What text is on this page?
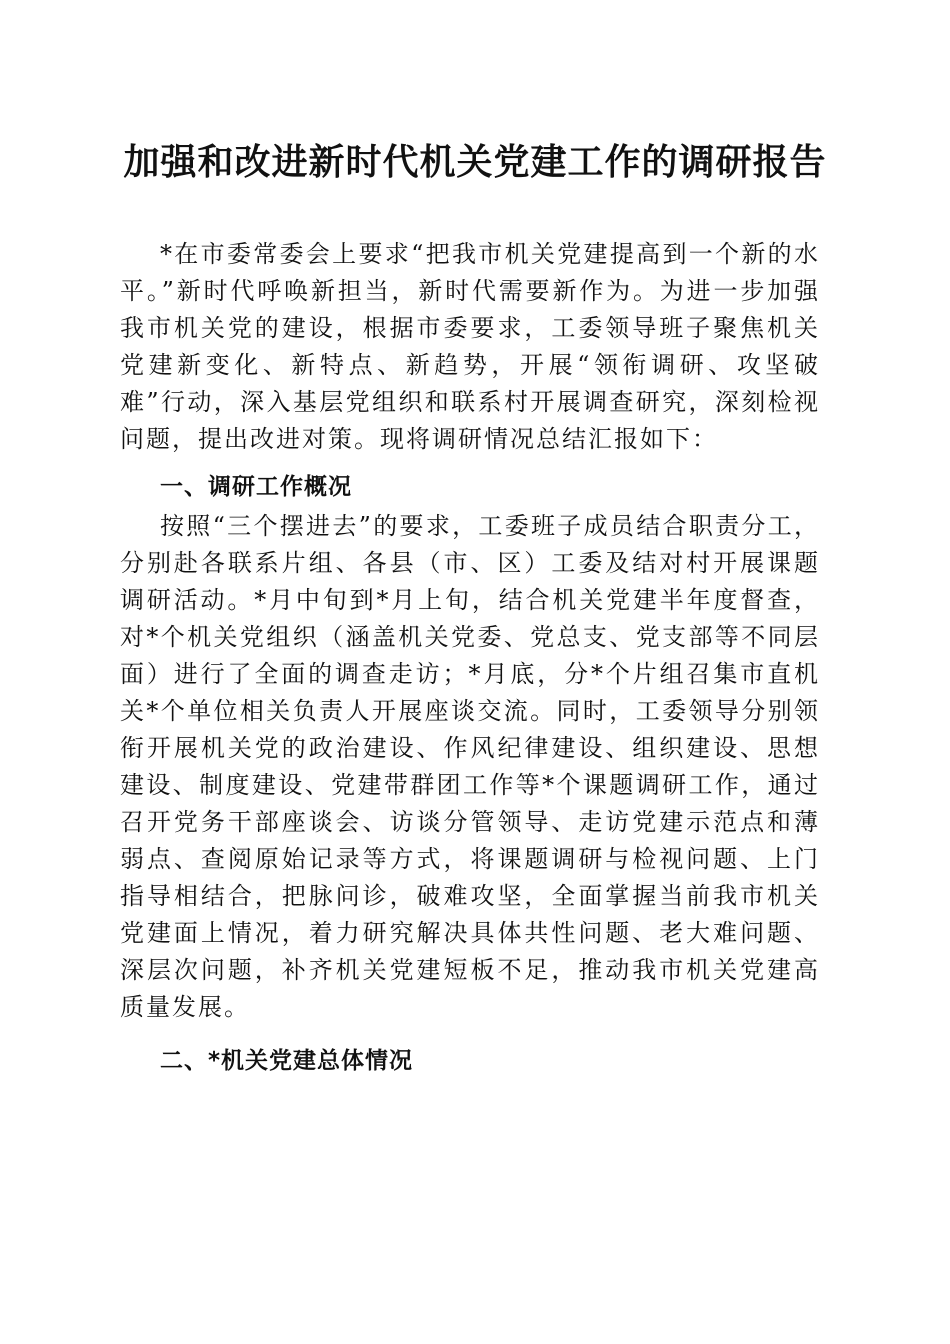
加强和改进新时代机关党建工作的调研报告

*在市委常委会上要求“把我市机关党建提高到一个新的水平。”新时代呼唤新担当，新时代需要新作为。为进一步加强我市机关党的建设，根据市委要求，工委领导班子聚焦机关党建新变化、新特点、新趋势，开展“领衔调研、攻坚破难”行动，深入基层党组织和联系村开展调查研究，深刻检视问题，提出改进对策。现将调研情况总结汇报如下：

一、调研工作概况

按照“三个摆进去”的要求，工委班子成员结合职责分工，分别赴各联系片组、各县（市、区）工委及结对村开展课题调研活动。*月中旬到*月上旬，结合机关党建半年度督查，对*个机关党组织（涵盖机关党委、党总支、党支部等不同层面）进行了全面的调查走访；*月底，分*个片组召集市直机关*个单位相关负责人开展座谈交流。同时，工委领导分别领衔开展机关党的政治建设、作风纪律建设、组织建设、思想建设、制度建设、党建带群团工作等*个课题调研工作，通过召开党务干部座谈会、访谈分管领导、走访党建示范点和薄弱点、查阅原始记录等方式，将课题调研与检视问题、上门指导相结合，把脉问诊，破难攻坚，全面掌握当前我市机关党建面上情况，着力研究解决具体共性问题、老大难问题、深层次问题，补齐机关党建短板不足，推动我市机关党建高质量发展。

二、*机关党建总体情况
